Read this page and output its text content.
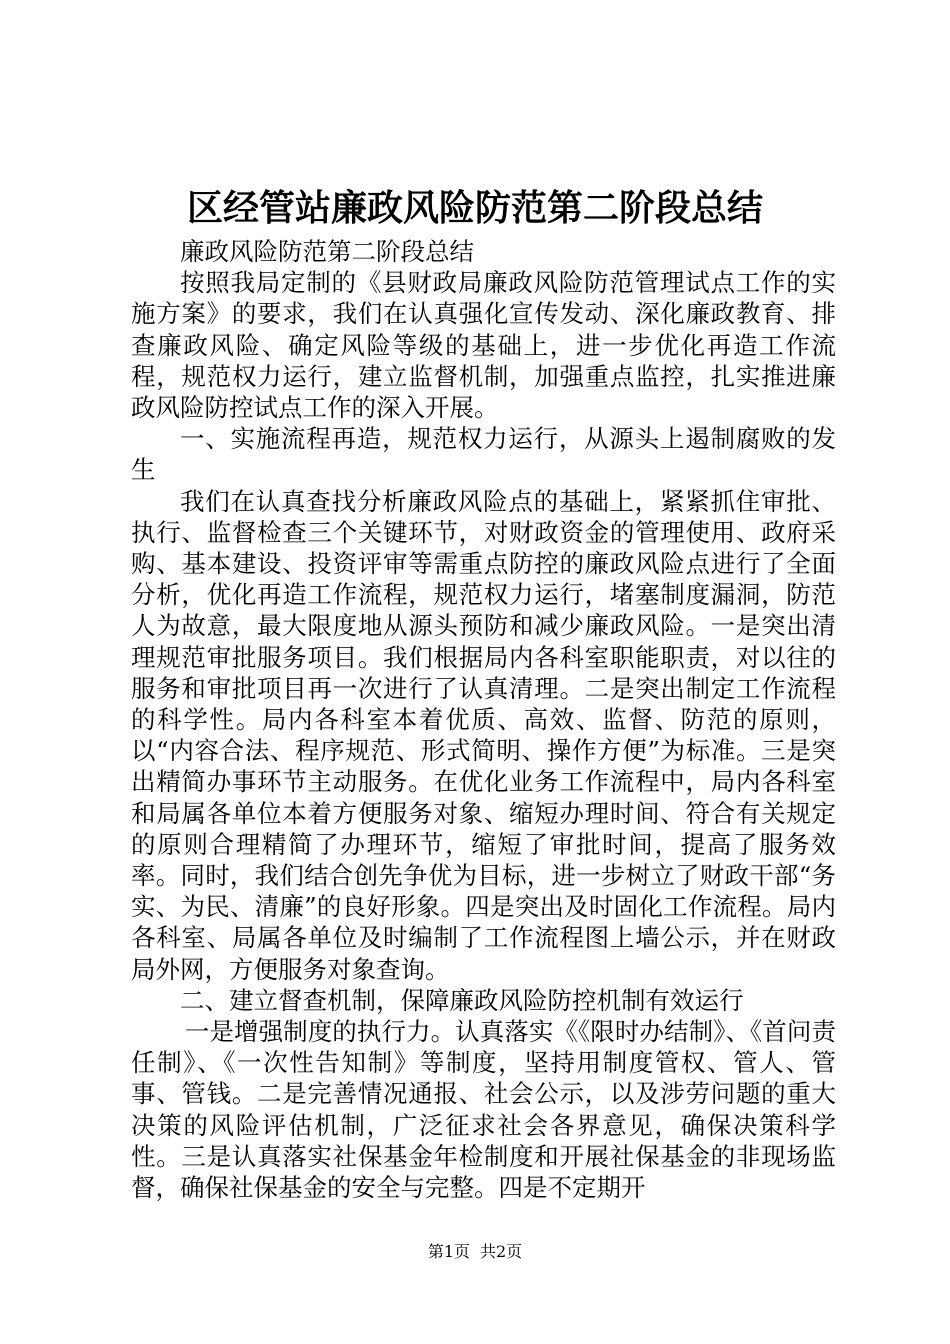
区经管站廉政风险防范第二阶段总结

廉政风险防范第二阶段总结

按照我局定制的《县财政局廉政风险防范管理试点工作的实施方案》的要求，我们在认真强化宣传发动、深化廉政教育、排查廉政风险、确定风险等级的基础上，进一步优化再造工作流程，规范权力运行，建立监督机制，加强重点监控，扎实推进廉政风险防控试点工作的深入开展。

一、实施流程再造，规范权力运行，从源头上遏制腐败的发生

我们在认真查找分析廉政风险点的基础上，紧紧抓住审批、执行、监督检查三个关键环节，对财政资金的管理使用、政府采购、基本建设、投资评审等需重点防控的廉政风险点进行了全面分析，优化再造工作流程，规范权力运行，堵塞制度漏洞，防范人为故意，最大限度地从源头预防和减少廉政风险。一是突出清理规范审批服务项目。我们根据局内各科室职能职责，对以往的服务和审批项目再一次进行了认真清理。二是突出制定工作流程的科学性。局内各科室本着优质、高效、监督、防范的原则，以“内容合法、程序规范、形式简明、操作方便”为标准。三是突出精简办事环节主动服务。在优化业务工作流程中，局内各科室和局属各单位本着方便服务对象、缩短办理时间、符合有关规定的原则合理精简了办理环节，缩短了审批时间，提高了服务效率。同时，我们结合创先争优为目标，进一步树立了财政干部“务实、为民、清廉”的良好形象。四是突出及时固化工作流程。局内各科室、局属各单位及时编制了工作流程图上墙公示，并在财政局外网，方便服务对象查询。

二、建立督查机制，保障廉政风险防控机制有效运行

一是增强制度的执行力。认真落实《《限时办结制》、《首问责任制》、《一次性告知制》等制度，坚持用制度管权、管人、管事、管钱。二是完善情况通报、社会公示，以及涉劳问题的重大决策的风险评估机制，广泛征求社会各界意见，确保决策科学性。三是认真落实社保基金年检制度和开展社保基金的非现场监督，确保社保基金的安全与完整。四是不定期开

第1页 共2页
